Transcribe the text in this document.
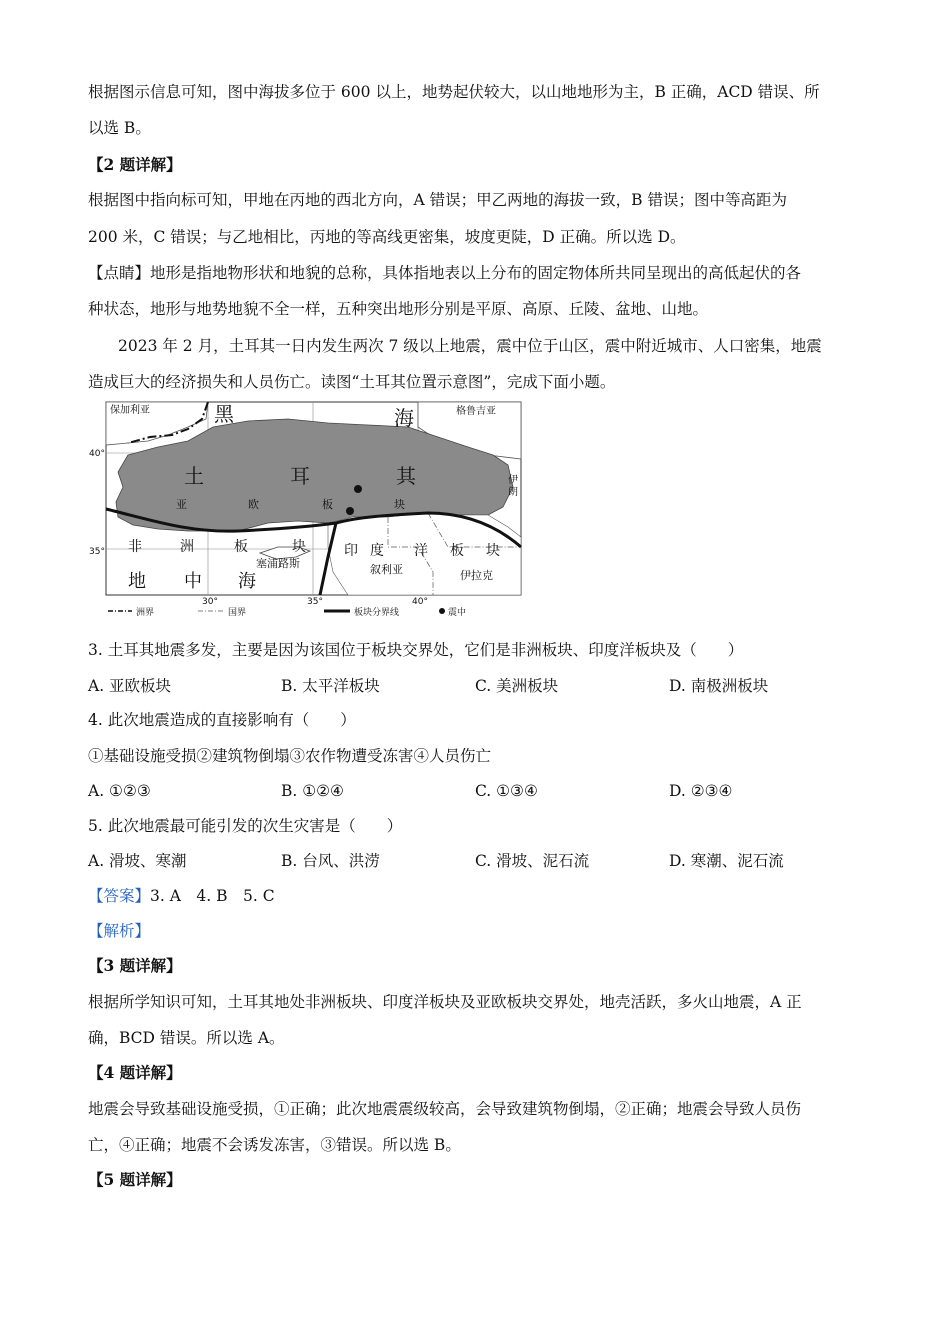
根据图示信息可知，图中海拔多位于 600 以上，地势起伏较大，以山地地形为主，B 正确，ACD 错误、所
以选 B。
【2 题详解】
根据图中指向标可知，甲地在丙地的西北方向，A 错误；甲乙两地的海拔一致，B 错误；图中等高距为
200 米，C 错误；与乙地相比，丙地的等高线更密集，坡度更陡，D 正确。所以选 D。
【点睛】地形是指地物形状和地貌的总称，具体指地表以上分布的固定物体所共同呈现出的高低起伏的各
种状态，地形与地势地貌不全一样，五种突出地形分别是平原、高原、丘陵、盆地、山地。
2023 年 2 月，土耳其一日内发生两次 7 级以上地震，震中位于山区，震中附近城市、人口密集，地震
造成巨大的经济损失和人员伤亡。读图“土耳其位置示意图”，完成下面小题。
保加利亚	黑	海	格鲁吉亚
土	耳	其
亚	欧	板	块
伊
朗
非	洲	板	块	印 度 洋 板 块
地 中 海
塞浦路斯	叙利亚	伊拉克
40°
35°
30°	35°	40°
洲界	国界	板块分界线	震中
3. 土耳其地震多发，主要是因为该国位于板块交界处，它们是非洲板块、印度洋板块及（　　）
A. 亚欧板块	B. 太平洋板块	C. 美洲板块	D. 南极洲板块
4. 此次地震造成的直接影响有（　　）
①基础设施受损②建筑物倒塌③农作物遭受冻害④人员伤亡
A. ①②③	B. ①②④	C. ①③④	D. ②③④
5. 此次地震最可能引发的次生灾害是（　　）
A. 滑坡、寒潮	B. 台风、洪涝	C. 滑坡、泥石流	D. 寒潮、泥石流
【答案】3. A　4. B　5. C
【解析】
【3 题详解】
根据所学知识可知，土耳其地处非洲板块、印度洋板块及亚欧板块交界处，地壳活跃，多火山地震，A 正
确，BCD 错误。所以选 A。
【4 题详解】
地震会导致基础设施受损，①正确；此次地震震级较高，会导致建筑物倒塌，②正确；地震会导致人员伤
亡，④正确；地震不会诱发冻害，③错误。所以选 B。
【5 题详解】
